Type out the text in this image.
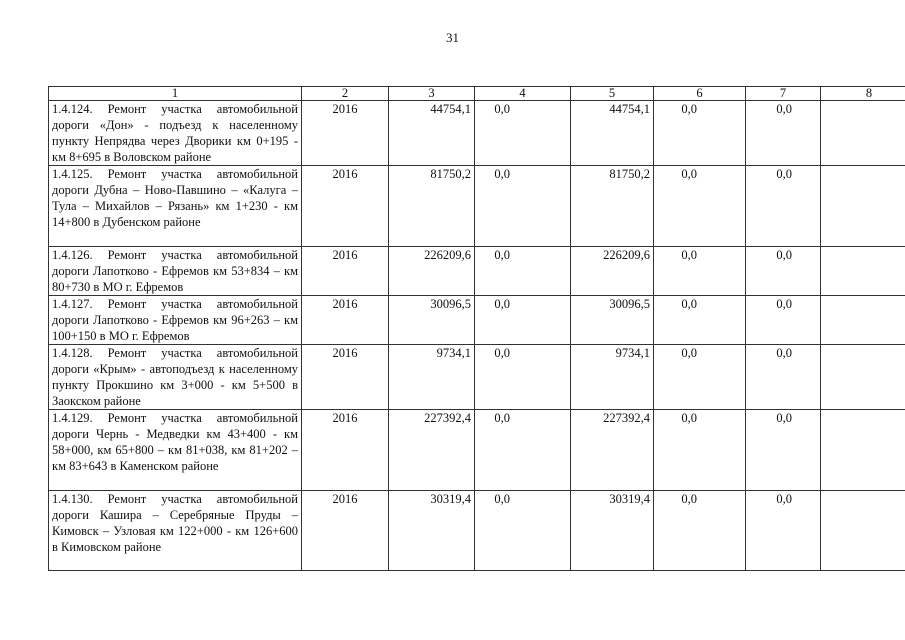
31
1	2	3	4	5	6	7	8
1.4.124. Ремонт участка автомобильной дороги «Дон» - подъезд к населенному пункту Непрядва через Дворики км 0+195 - км 8+695 в Воловском районе	2016	44754,1	0,0	44754,1	0,0	0,0	
1.4.125. Ремонт участка автомобильной дороги Дубна – Ново-Павшино – «Калуга – Тула – Михайлов – Рязань» км 1+230 - км 14+800 в Дубенском районе	2016	81750,2	0,0	81750,2	0,0	0,0	
1.4.126. Ремонт участка автомобильной дороги Лапотково - Ефремов км 53+834 – км 80+730 в МО г. Ефремов	2016	226209,6	0,0	226209,6	0,0	0,0	
1.4.127. Ремонт участка автомобильной дороги Лапотково - Ефремов км 96+263 – км 100+150 в МО г. Ефремов	2016	30096,5	0,0	30096,5	0,0	0,0	
1.4.128. Ремонт участка автомобильной дороги «Крым» - автоподъезд к населенному пункту Прокшино км 3+000 - км 5+500 в Заокском районе	2016	9734,1	0,0	9734,1	0,0	0,0	
1.4.129. Ремонт участка автомобильной дороги Чернь - Медведки км 43+400 - км 58+000, км 65+800 – км 81+038, км 81+202 – км 83+643 в Каменском районе	2016	227392,4	0,0	227392,4	0,0	0,0	
1.4.130. Ремонт участка автомобильной дороги Кашира – Серебряные Пруды – Кимовск – Узловая км 122+000 - км 126+600 в Кимовском районе	2016	30319,4	0,0	30319,4	0,0	0,0	
